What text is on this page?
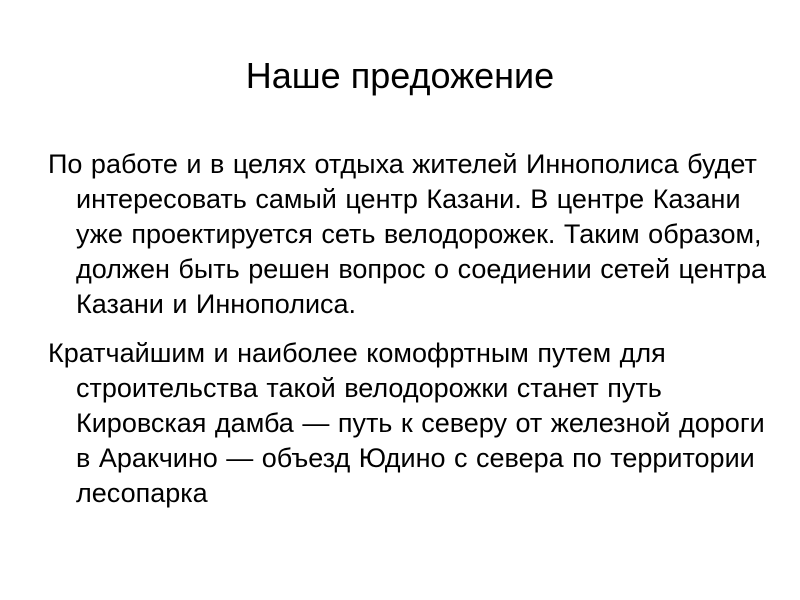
Наше предожение

По работе и в целях отдыха жителей Иннополиса будет интересовать самый центр Казани. В центре Казани уже проектируется сеть велодорожек. Таким образом, должен быть решен вопрос о соедиении сетей центра Казани и Иннополиса.

Кратчайшим и наиболее комофртным путем для строительства такой велодорожки станет путь Кировская дамба — путь к северу от железной дороги в Аракчино — объезд Юдино с севера по территории лесопарка
